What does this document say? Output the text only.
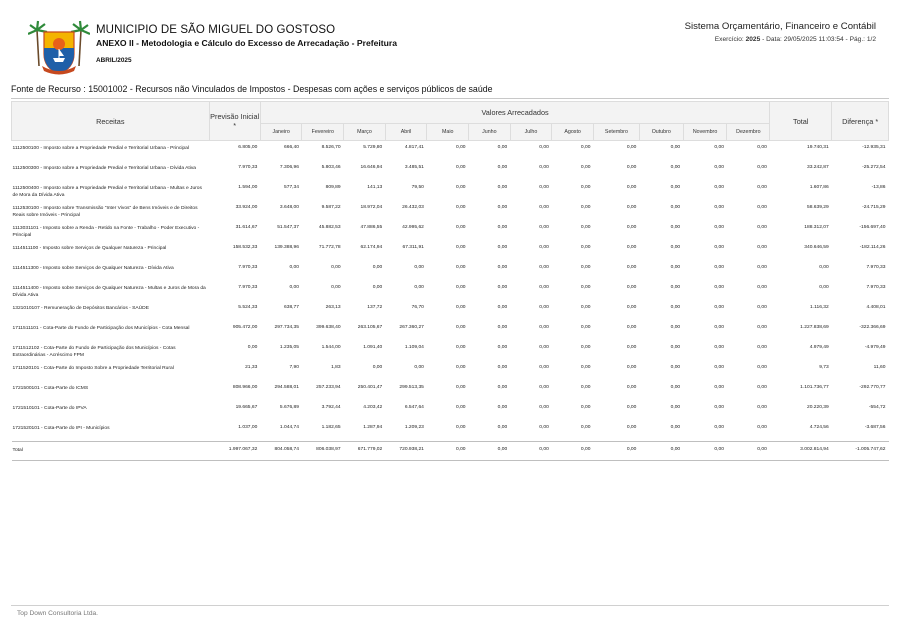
MUNICIPIO DE SÃO MIGUEL DO GOSTOSO
ANEXO II - Metodologia e Cálculo do Excesso de Arrecadação - Prefeitura
ABRIL/2025
Sistema Orçamentário, Financeiro e Contábil
Exercício: 2025 - Data: 29/05/2025 11:03:54 - Pág.: 1/2
Fonte de Recurso : 15001002 - Recursos não Vinculados de Impostos - Despesas com ações e serviços públicos de saúde
Receitas	Previsão Inicial *	Valores Arrecadados												Total	Diferença *
		Janeiro	Fevereiro	Março	Abril	Maio	Junho	Julho	Agosto	Setembro	Outubro	Novembro	Dezembro		
1112500100 - Imposto sobre a Propriedade Predial e Territorial Urbana - Principal	6.805,00	666,40	8.526,70	5.729,80	4.817,41	0,00	0,00	0,00	0,00	0,00	0,00	0,00	0,00	19.740,31	-12.935,31
1112500300 - Imposto sobre a Propriedade Predial e Territorial Urbana - Dívida Ativa	7.970,33	7.306,96	5.803,46	16.646,94	3.485,51	0,00	0,00	0,00	0,00	0,00	0,00	0,00	0,00	33.242,87	-25.272,54
1112500400 - Imposto sobre a Propriedade Predial e Territorial Urbana - Multas e Juros de Mora da Dívida Ativa	1.594,00	577,34	809,89	141,13	79,50	0,00	0,00	0,00	0,00	0,00	0,00	0,00	0,00	1.607,86	-13,86
1112530100 - Imposto sobre Transmissão "Inter Vivos" de Bens Imóveis e de Direitos Reais sobre Imóveis - Principal	33.924,00	3.648,00	9.587,22	18.972,04	26.432,03	0,00	0,00	0,00	0,00	0,00	0,00	0,00	0,00	58.639,29	-24.715,29
1113031101 - Imposto sobre a Renda - Retido na Fonte - Trabalho - Poder Executivo - Principal	31.614,67	51.547,37	45.882,53	47.886,55	42.995,62	0,00	0,00	0,00	0,00	0,00	0,00	0,00	0,00	188.312,07	-156.697,40
1114511100 - Imposto sobre Serviços de Qualquer Natureza - Principal	158.532,33	139.388,96	71.772,78	62.174,94	67.311,91	0,00	0,00	0,00	0,00	0,00	0,00	0,00	0,00	340.646,59	-182.114,26
1114511300 - Imposto sobre Serviços de Qualquer Natureza - Dívida Ativa	7.970,33	0,00	0,00	0,00	0,00	0,00	0,00	0,00	0,00	0,00	0,00	0,00	0,00	0,00	7.970,33
1114511400 - Imposto sobre Serviços de Qualquer Natureza - Multas e Juros de Mora da Dívida Ativa	7.970,33	0,00	0,00	0,00	0,00	0,00	0,00	0,00	0,00	0,00	0,00	0,00	0,00	0,00	7.970,33
1321010107 - Remuneração de Depósitos Bancários - SAÚDE	5.524,33	638,77	263,13	137,72	76,70	0,00	0,00	0,00	0,00	0,00	0,00	0,00	0,00	1.116,32	4.408,01
1711511101 - Cota-Parte do Fundo de Participação dos Municípios - Cota Mensal	905.472,00	297.734,35	399.638,40	263.105,67	267.360,27	0,00	0,00	0,00	0,00	0,00	0,00	0,00	0,00	1.227.838,69	-322.366,69
1711512102 - Cota-Parte do Fundo de Participação dos Municípios - Cotas Extraordinárias - Acréscimo FPM	0,00	1.235,05	1.544,00	1.091,40	1.109,04	0,00	0,00	0,00	0,00	0,00	0,00	0,00	0,00	4.979,49	-4.979,49
1711520101 - Cota-Parte do Imposto Sobre a Propriedade Territorial Rural	21,33	7,90	1,83	0,00	0,00	0,00	0,00	0,00	0,00	0,00	0,00	0,00	0,00	9,73	11,60
1721500101 - Cota-Parte do ICMS	808.966,00	294.588,01	257.233,94	250.401,47	299.513,35	0,00	0,00	0,00	0,00	0,00	0,00	0,00	0,00	1.101.736,77	-292.770,77
1721510101 - Cota-Parte do IPVA	19.665,67	5.676,89	3.792,44	4.203,42	6.547,64	0,00	0,00	0,00	0,00	0,00	0,00	0,00	0,00	20.220,39	-554,72
1721520101 - Cota-Parte do IPI - Municípios	1.037,00	1.044,74	1.182,65	1.287,94	1.209,23	0,00	0,00	0,00	0,00	0,00	0,00	0,00	0,00	4.724,56	-3.687,56
Total	1.997.067,32	804.058,74	806.038,97	671.779,02	720.938,21	0,00	0,00	0,00	0,00	0,00	0,00	0,00	0,00	3.002.814,94	-1.005.747,62
Top Down Consultoria Ltda.
